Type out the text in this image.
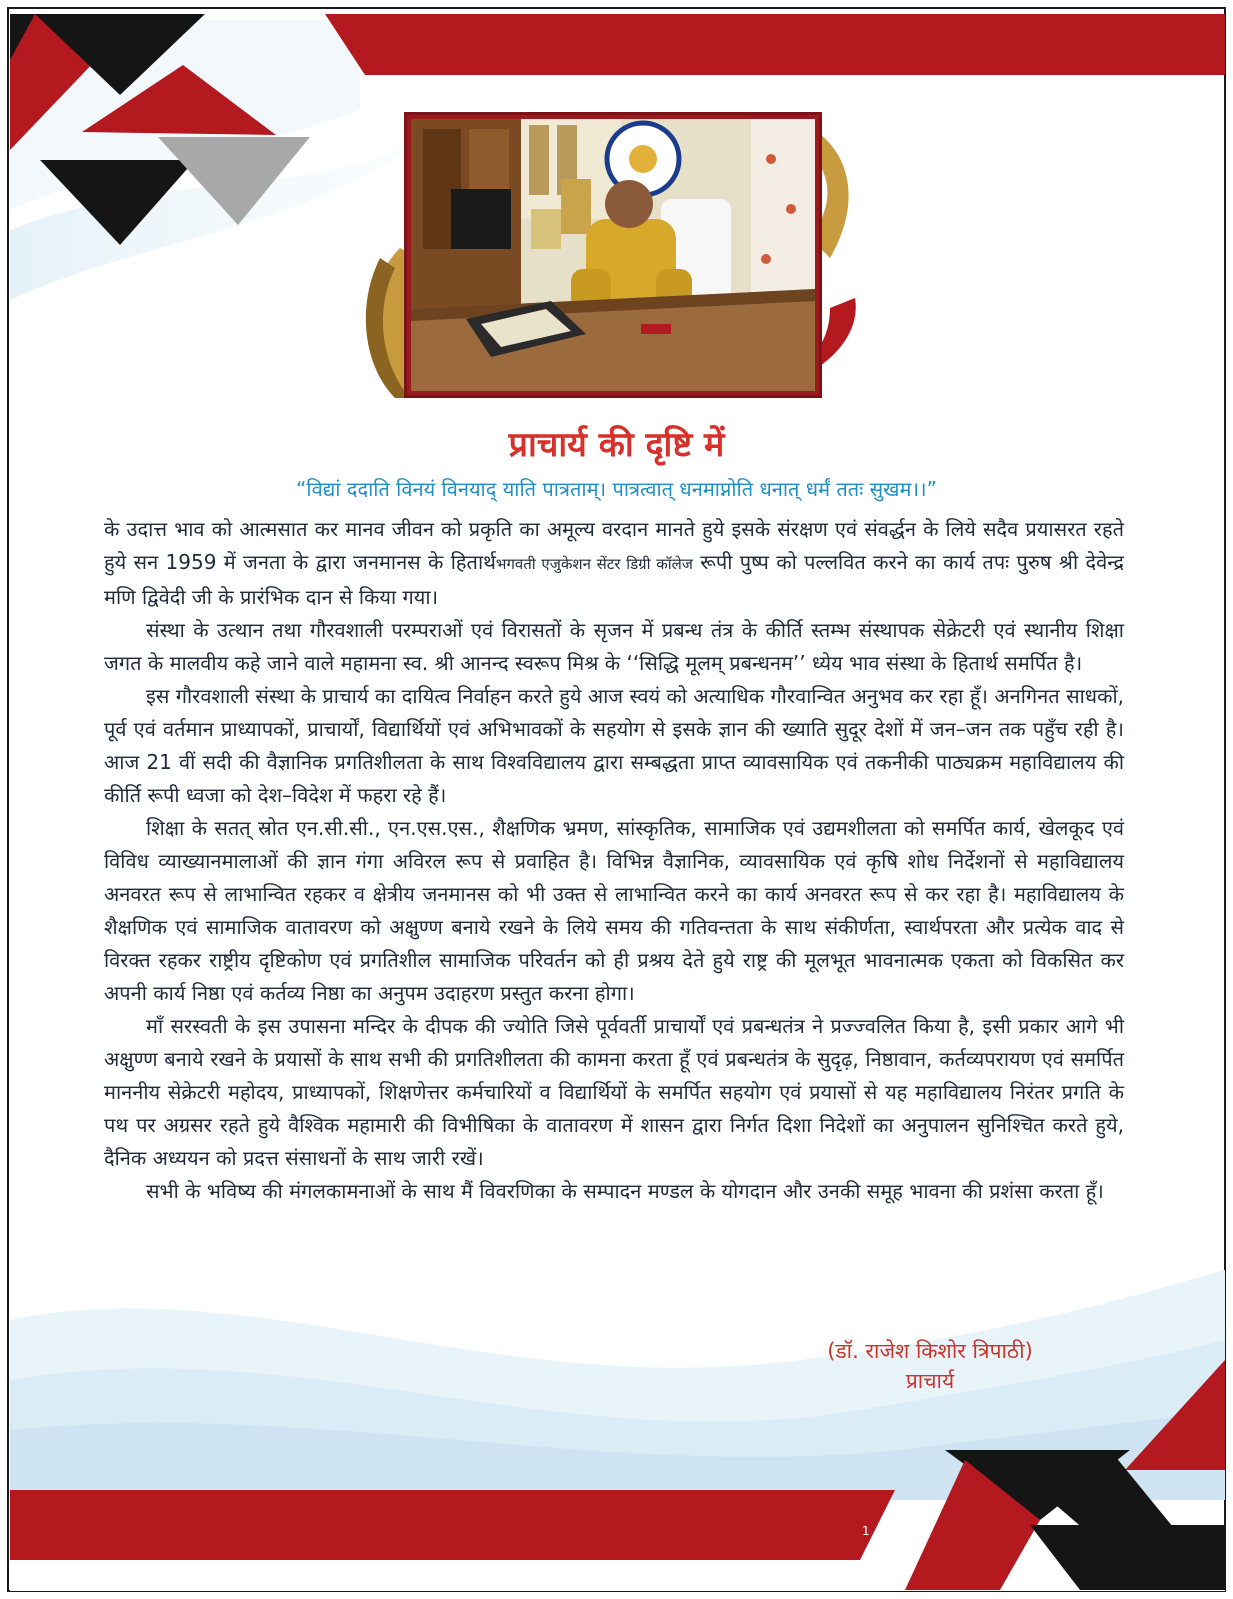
प्राचार्य की दृष्टि में

“विद्यां ददाति विनयं विनयाद् याति पात्रताम्। पात्रत्वात् धनमाप्नोति धनात् धर्मं ततः सुखम।।”

के उदात्त भाव को आत्मसात कर मानव जीवन को प्रकृति का अमूल्य वरदान मानते हुये इसके संरक्षण एवं संवर्द्धन के लिये सदैव प्रयासरत रहते हुये सन 1959 में जनता के द्वारा जनमानस के हितार्थभगवती एजुकेशन सेंटर डिग्री कॉलेज रूपी पुष्प को पल्लवित करने का कार्य तपः पुरुष श्री देवेन्द्र मणि द्विवेदी जी के प्रारंभिक दान से किया गया।

संस्था के उत्थान तथा गौरवशाली परम्पराओं एवं विरासतों के सृजन में प्रबन्ध तंत्र के कीर्ति स्तम्भ संस्थापक सेक्रेटरी एवं स्थानीय शिक्षा जगत के मालवीय कहे जाने वाले महामना स्व. श्री आनन्द स्वरूप मिश्र के ‘‘सिद्धि मूलम् प्रबन्धनम’’ ध्येय भाव संस्था के हितार्थ समर्पित है।

इस गौरवशाली संस्था के प्राचार्य का दायित्व निर्वाहन करते हुये आज स्वयं को अत्याधिक गौरवान्वित अनुभव कर रहा हूँ। अनगिनत साधकों, पूर्व एवं वर्तमान प्राध्यापकों, प्राचार्यों, विद्यार्थियों एवं अभिभावकों के सहयोग से इसके ज्ञान की ख्याति सुदूर देशों में जन–जन तक पहुँच रही है। आज 21 वीं सदी की वैज्ञानिक प्रगतिशीलता के साथ विश्वविद्यालय द्वारा सम्बद्धता प्राप्त व्यावसायिक एवं तकनीकी पाठ्यक्रम महाविद्यालय की कीर्ति रूपी ध्वजा को देश–विदेश में फहरा रहे हैं।

शिक्षा के सतत् स्रोत एन.सी.सी., एन.एस.एस., शैक्षणिक भ्रमण, सांस्कृतिक, सामाजिक एवं उद्यमशीलता को समर्पित कार्य, खेलकूद एवं विविध व्याख्यानमालाओं की ज्ञान गंगा अविरल रूप से प्रवाहित है। विभिन्न वैज्ञानिक, व्यावसायिक एवं कृषि शोध निर्देशनों से महाविद्यालय अनवरत रूप से लाभान्वित रहकर व क्षेत्रीय जनमानस को भी उक्त से लाभान्वित करने का कार्य अनवरत रूप से कर रहा है। महाविद्यालय के शैक्षणिक एवं सामाजिक वातावरण को अक्षुण्ण बनाये रखने के लिये समय की गतिवन्तता के साथ संकीर्णता, स्वार्थपरता और प्रत्येक वाद से विरक्त रहकर राष्ट्रीय दृष्टिकोण एवं प्रगतिशील सामाजिक परिवर्तन को ही प्रश्रय देते हुये राष्ट्र की मूलभूत भावनात्मक एकता को विकसित कर अपनी कार्य निष्ठा एवं कर्तव्य निष्ठा का अनुपम उदाहरण प्रस्तुत करना होगा।

माँ सरस्वती के इस उपासना मन्दिर के दीपक की ज्योति जिसे पूर्ववर्ती प्राचार्यों एवं प्रबन्धतंत्र ने प्रज्ज्वलित किया है, इसी प्रकार आगे भी अक्षुण्ण बनाये रखने के प्रयासों के साथ सभी की प्रगतिशीलता की कामना करता हूँ एवं प्रबन्धतंत्र के सुदृढ़, निष्ठावान, कर्तव्यपरायण एवं समर्पित माननीय सेक्रेटरी महोदय, प्राध्यापकों, शिक्षणेत्तर कर्मचारियों व विद्यार्थियों के समर्पित सहयोग एवं प्रयासों से यह महाविद्यालय निरंतर प्रगति के पथ पर अग्रसर रहते हुये वैश्विक महामारी की विभीषिका के वातावरण में शासन द्वारा निर्गत दिशा निदेशों का अनुपालन सुनिश्चित करते हुये, दैनिक अध्ययन को प्रदत्त संसाधनों के साथ जारी रखें।

सभी के भविष्य की मंगलकामनाओं के साथ मैं विवरणिका के सम्पादन मण्डल के योगदान और उनकी समूह भावना की प्रशंसा करता हूँ।

(डॉ. राजेश किशोर त्रिपाठी)
प्राचार्य
1
